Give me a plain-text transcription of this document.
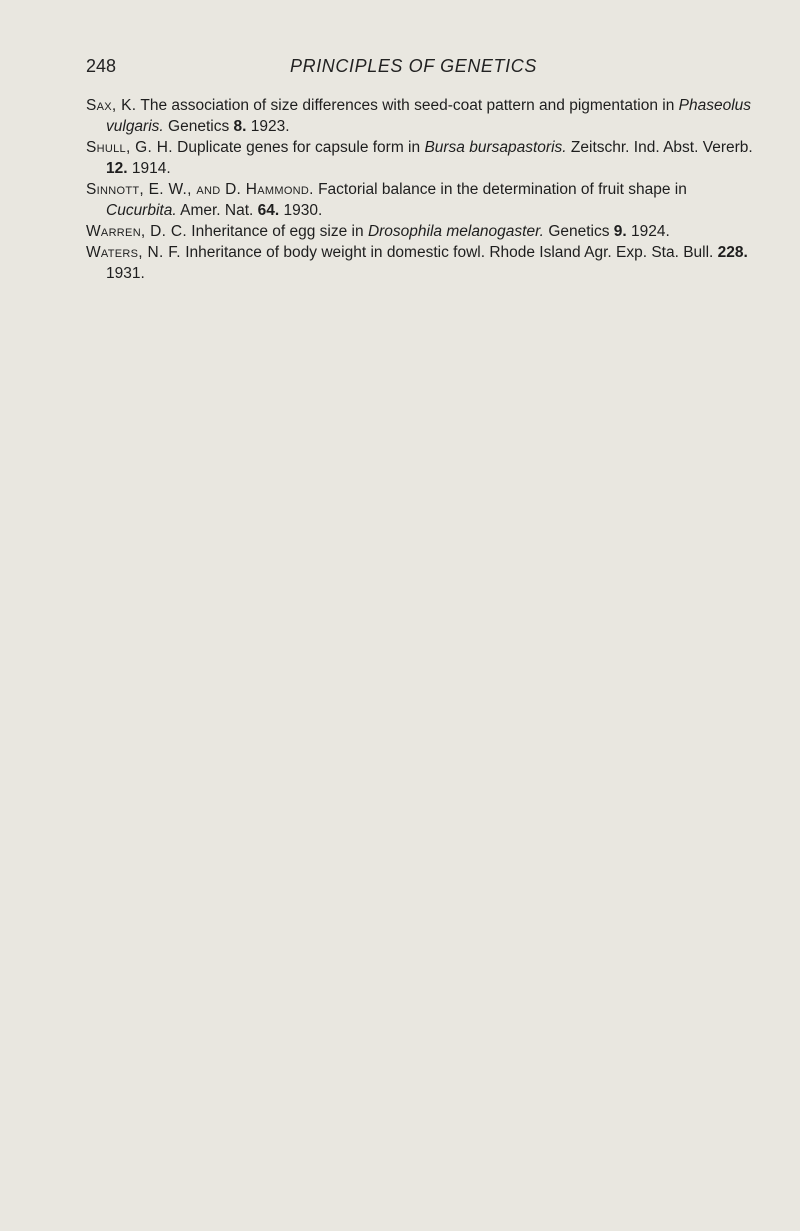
248	PRINCIPLES OF GENETICS
Sax, K. The association of size differences with seed-coat pattern and pigmentation in Phaseolus vulgaris. Genetics 8. 1923.
Shull, G. H. Duplicate genes for capsule form in Bursa bursapastoris. Zeitschr. Ind. Abst. Vererb. 12. 1914.
Sinnott, E. W., and D. Hammond. Factorial balance in the determination of fruit shape in Cucurbita. Amer. Nat. 64. 1930.
Warren, D. C. Inheritance of egg size in Drosophila melanogaster. Genetics 9. 1924.
Waters, N. F. Inheritance of body weight in domestic fowl. Rhode Island Agr. Exp. Sta. Bull. 228. 1931.
